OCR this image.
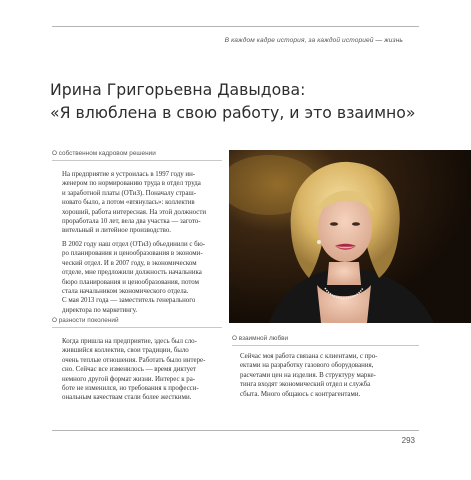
В каждом кадре история, за каждой историей — жизнь
Ирина Григорьевна Давыдова:
«Я влюблена в свою работу, и это взаимно»
О собственном кадровом решении

На предприятие я устроилась в 1997 году ин-
женером по нормированию труда в отдел труда
и заработной платы (ОТиЗ). Поначалу страш-
новато было, а потом «втянулась»: коллектив
хороший, работа интересная. На этой должности
проработала 10 лет, вела два участка — загото-
вительный и литейное производство.

В 2002 году наш отдел (ОТиЗ) объединили с бю-
ро планирования и ценообразования в экономи-
ческий отдел. И в 2007 году, в экономическом
отделе, мне предложили должность начальника
бюро планирования и ценообразования, потом
стала начальником экономического отдела.
С мая 2013 года — заместитель генерального
директора по маркетингу.

О разности поколений

Когда пришла на предприятие, здесь был сло-
жившийся коллектив, свои традиции, было
очень теплые отношения. Работать было интере-
сно. Сейчас все изменилось — время диктует
немного другой формат жизни. Интерес к ра-
боте не изменился, но требования к професси-
ональным качествам стали более жесткими.

О взаимной любви

Сейчас моя работа связана с клиентами, с про-
ектами на разработку газового оборудования,
расчетами цен на изделия. В структуру марке-
тинга входят экономический отдел и служба
сбыта. Много общаюсь с контрагентами.

293
